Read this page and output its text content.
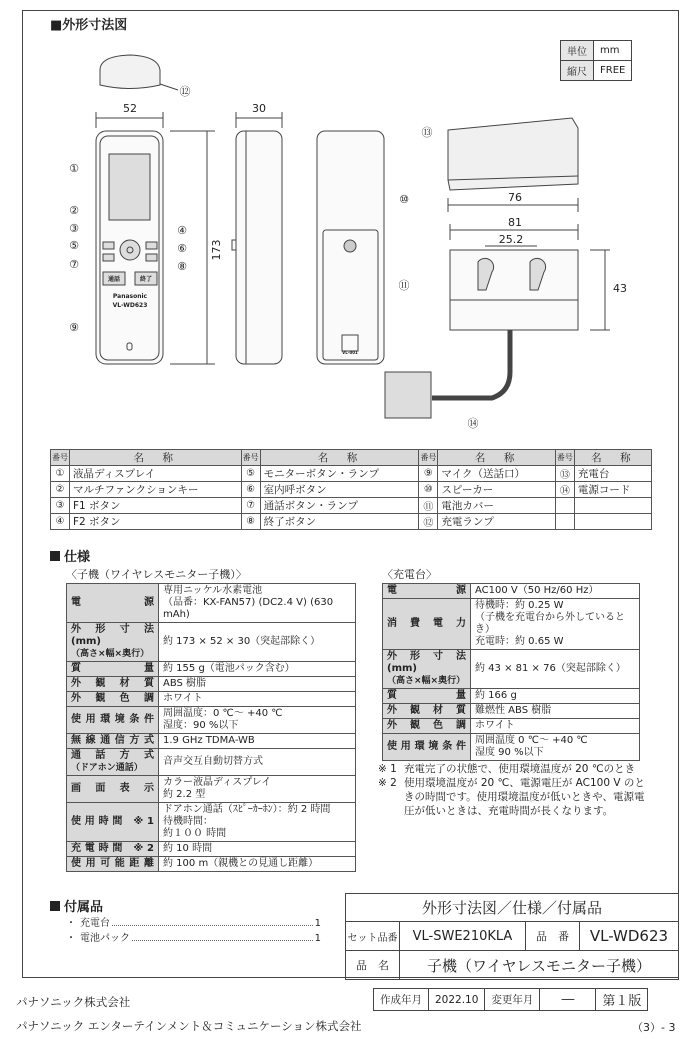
■外形寸法図
単位	mm
縮尺	FREE
52	30
173
76
81
25.2
43
Panasonic
VL-WD623
通話	終了
VL-001
⑫
①
②
③
⑤
⑦
④
⑥
⑧
⑨
⑩
⑪
⑬
⑭
番号	名　称	番号	名　称	番号	名　称	番号	名　称
①	液晶ディスプレイ	⑤	モニターボタン・ランプ	⑨	マイク（送話口）	⑬	充電台
②	マルチファンクションキー	⑥	室内呼ボタン	⑩	スピーカー	⑭	電源コード
③	F1 ボタン	⑦	通話ボタン・ランプ	⑪	電池カバー		
④	F2 ボタン	⑧	終了ボタン	⑫	充電ランプ		
仕様
〈子機（ワイヤレスモニター子機）〉
電　　源	専用ニッケル水素電池
（品番：KX-FAN57) (DC2.4 V) (630 mAh)

外 形 寸 法 (mm)
（高さ×幅×奥行）	約 173 × 52 × 30（突起部除く）

質　　量	約 155 g（電池パック含む）

外観材質	ABS 樹脂

外観色調	ホワイト

使用環境条件	周囲温度：0 ℃～ +40 ℃
湿度：90 %以下

無線通信方式	1.9 GHz TDMA-WB

通話方式
（ドアホン通話）	音声交互自動切替方式

画面表示	カラー液晶ディスプレイ
約 2.2 型

使用時間 ※1	ドアホン通話（ｽﾋﾟｰｶｰﾎﾝ）：約 2 時間
待機時間：
約１００ 時間

充電時間 ※2	約 10 時間

使用可能距離	約 100 m（親機との見通し距離）
〈充電台〉
電　　源	AC100 V（50 Hz/60 Hz）

消費電力	待機時：約 0.25 W
（子機を充電台から外しているとき）
充電時：約 0.65 W

外 形 寸 法 (mm)
（高さ×幅×奥行）	約 43 × 81 × 76（突起部除く）

質　　量	約 166 g

外観材質	難燃性 ABS 樹脂

外観色調	ホワイト

使用環境条件	周囲温度 0 ℃～ +40 ℃
湿度 90 %以下
※ 1 充電完了の状態で、使用環境温度が 20 ℃のとき
※ 2 使用環境温度が 20 ℃、電源電圧が AC100 V のときの時間です。使用環境温度が低いときや、電源電圧が低いときは、充電時間が長くなります。
付属品
・ 充電台	1
・ 電池パック	1
外形寸法図／仕様／付属品			
セット品番	VL-SWE210KLA	品　番	VL-WD623
品　名	子機（ワイヤレスモニター子機）		
パナソニック株式会社
パナソニック エンターテインメント＆コミュニケーション株式会社
作成年月	2022.10	変更年月	──	第１版
（3）- 3
